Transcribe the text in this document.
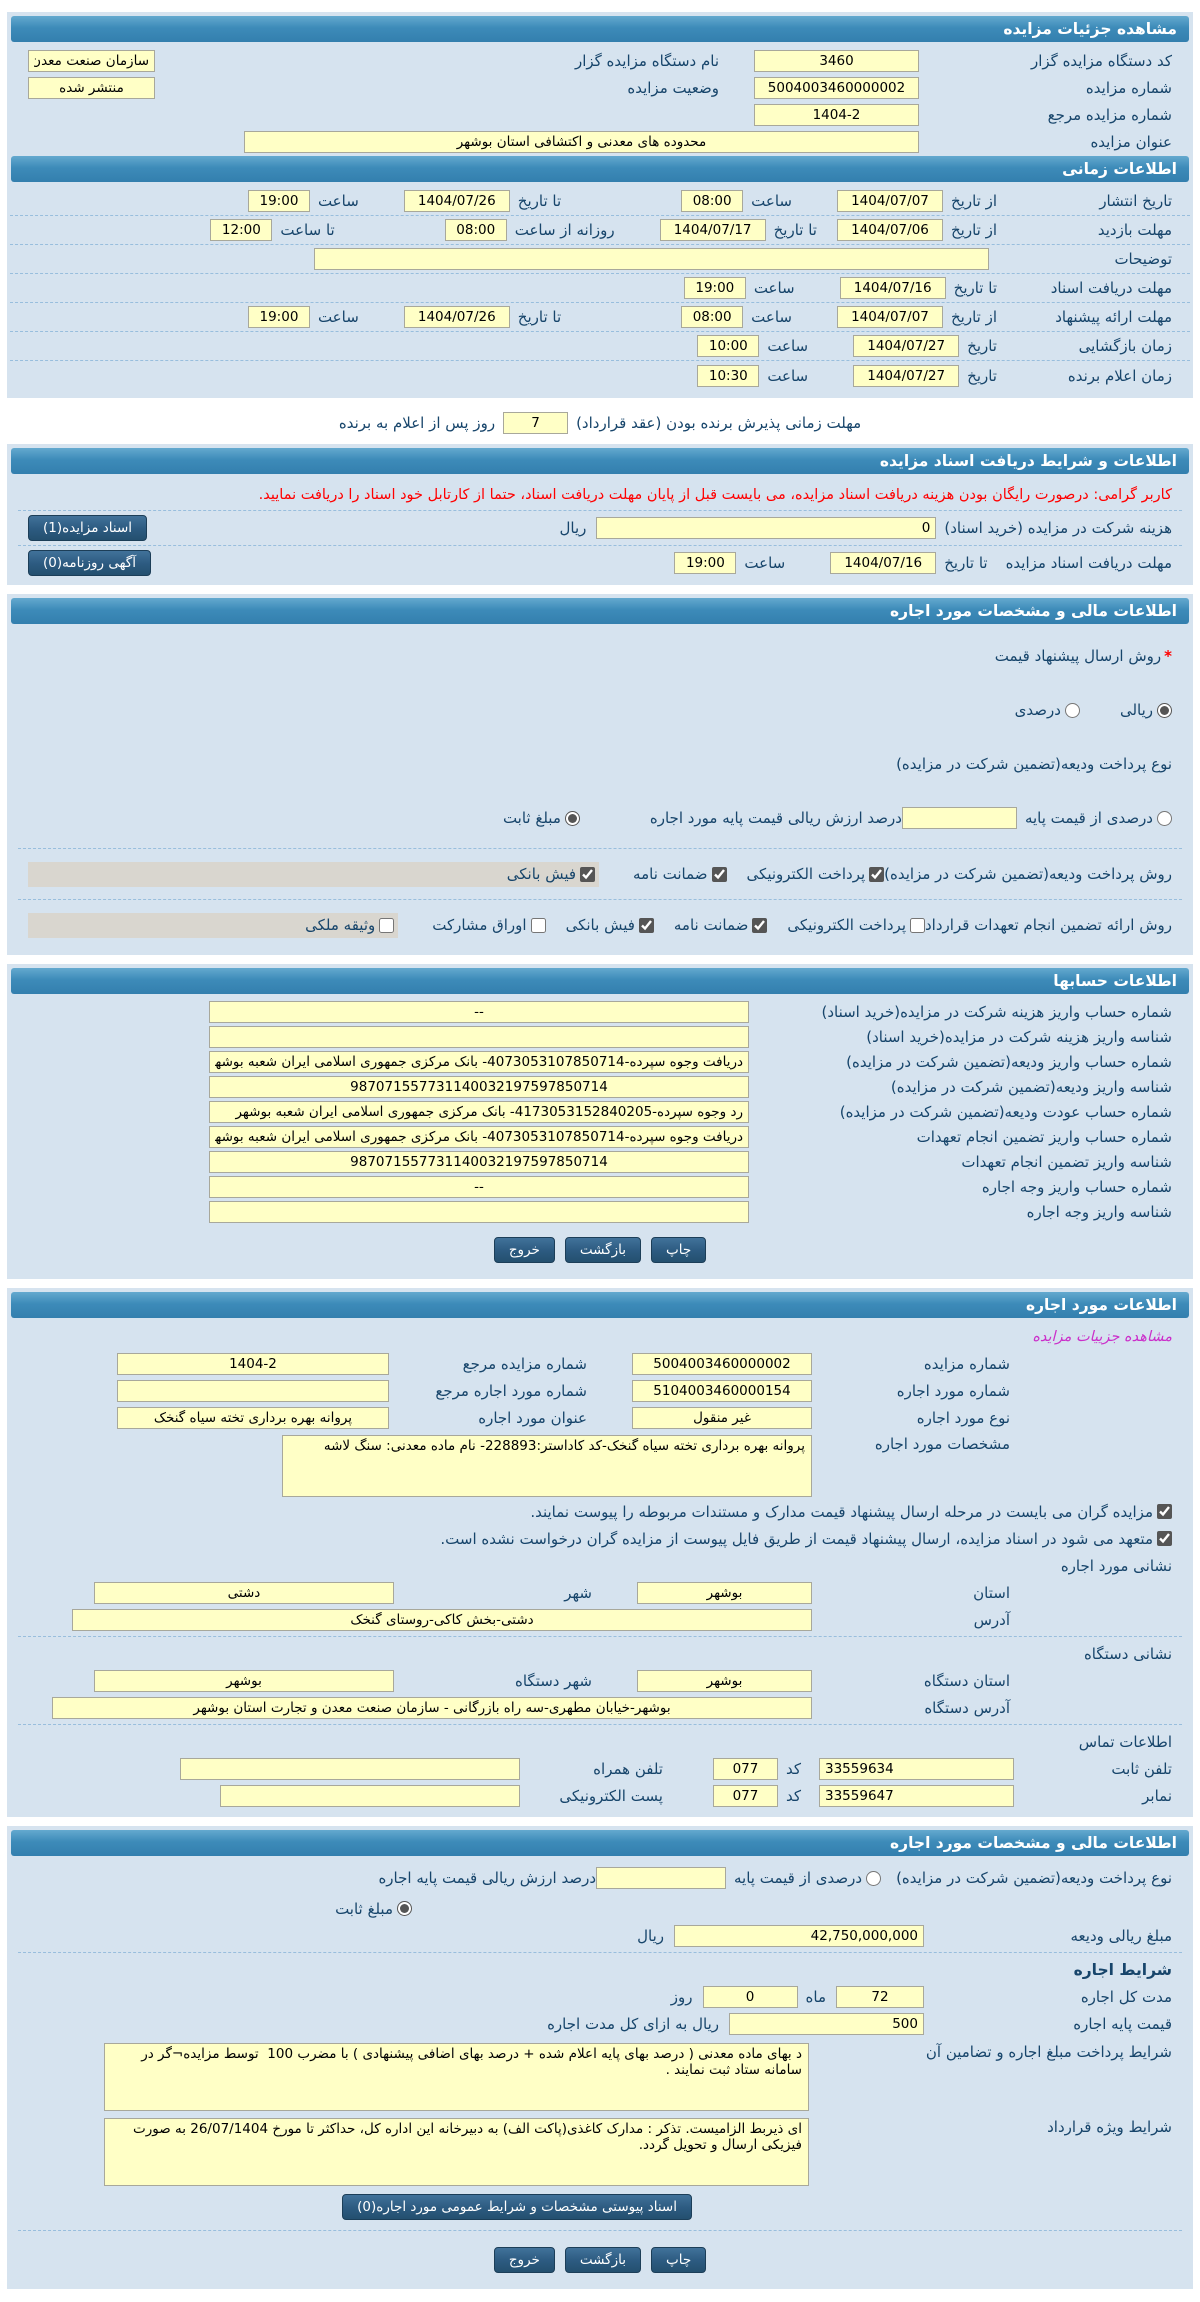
مشاهده جزئیات مزایده
کد دستگاه مزایده گزار
3460
نام دستگاه مزایده گزار
سازمان صنعت معدن و تجارت
شماره مزایده
5004003460000002
وضعیت مزایده
منتشر شده
شماره مزایده مرجع
1404-2
عنوان مزایده
محدوده های معدنی و اکتشافی استان بوشهر
اطلاعات زمانی
تاریخ انتشار
از تاریخ
1404/07/07
ساعت
08:00
تا تاریخ
1404/07/26
ساعت
19:00
مهلت بازدید
از تاریخ
1404/07/06
تا تاریخ
1404/07/17
روزانه از ساعت
08:00
تا ساعت
12:00
توضیحات
مهلت دریافت اسناد
تا تاریخ
1404/07/16
ساعت
19:00
مهلت ارائه پیشنهاد
از تاریخ
1404/07/07
ساعت
08:00
تا تاریخ
1404/07/26
ساعت
19:00
زمان بازگشایی
تاریخ
1404/07/27
ساعت
10:00
زمان اعلام برنده
تاریخ
1404/07/27
ساعت
10:30
مهلت زمانی پذیرش برنده بودن (عقد قرارداد)
7
روز پس از اعلام به برنده
اطلاعات و شرایط دریافت اسناد مزایده
کاربر گرامی: درصورت رایگان بودن هزینه دریافت اسناد مزایده، می بایست قبل از پایان مهلت دریافت اسناد، حتما از کارتابل خود اسناد را دریافت نمایید.
هزینه شرکت در مزایده (خرید اسناد)
0
ریال
اسناد مزایده(1)
مهلت دریافت اسناد مزایده
تا تاریخ
1404/07/16
ساعت
19:00
آگهی روزنامه(0)
اطلاعات مالی و مشخصات مورد اجاره
*
روش ارسال پیشنهاد قیمت
ریالی
درصدی
نوع پرداخت ودیعه(تضمین شرکت در مزایده)
درصدی از قیمت پایه
درصد ارزش ریالی قیمت پایه مورد اجاره
مبلغ ثابت
روش پرداخت ودیعه(تضمین شرکت در مزایده)
پرداخت الکترونیکی
ضمانت نامه
فیش بانکی
روش ارائه تضمین انجام تعهدات قرارداد
پرداخت الکترونیکی
ضمانت نامه
فیش بانکی
اوراق مشارکت
وثیقه ملکی
اطلاعات حسابها
شماره حساب واریز هزینه شرکت در مزایده(خرید اسناد)
--
شناسه واریز هزینه شرکت در مزایده(خرید اسناد)
شماره حساب واریز ودیعه(تضمین شرکت در مزایده)
دریافت وجوه سپرده-4073053107850714- بانک مرکزی جمهوری اسلامی ایران شعبه بوشهر
شناسه واریز ودیعه(تضمین شرکت در مزایده)
987071557731140032197597850714
شماره حساب عودت ودیعه(تضمین شرکت در مزایده)
رد وجوه سپرده-4173053152840205- بانک مرکزی جمهوری اسلامی ایران شعبه بوشهر
شماره حساب واریز تضمین انجام تعهدات
دریافت وجوه سپرده-4073053107850714- بانک مرکزی جمهوری اسلامی ایران شعبه بوشهر
شناسه واریز تضمین انجام تعهدات
987071557731140032197597850714
شماره حساب واریز وجه اجاره
--
شناسه واریز وجه اجاره
چاپ
بازگشت
خروج
اطلاعات مورد اجاره
مشاهده جزییات مزایده
شماره مزایده
5004003460000002
شماره مزایده مرجع
1404-2
شماره مورد اجاره
5104003460000154
شماره مورد اجاره مرجع
نوع مورد اجاره
غیر منقول
عنوان مورد اجاره
پروانه بهره برداری تخته سیاه گنخک
مشخصات مورد اجاره
پروانه بهره برداری تخته سیاه گنخک-کد کاداستر:228893- نام ماده معدنی: سنگ لاشه
مزایده گران می بایست در مرحله ارسال پیشنهاد قیمت مدارک و مستندات مربوطه را پیوست نمایند.
متعهد می شود در اسناد مزایده، ارسال پیشنهاد قیمت از طریق فایل پیوست از مزایده گران درخواست نشده است.
نشانی مورد اجاره
استان
بوشهر
شهر
دشتی
آدرس
دشتی-بخش کاکی-روستای گنخک
نشانی دستگاه
استان دستگاه
بوشهر
شهر دستگاه
بوشهر
آدرس دستگاه
بوشهر-خیابان مطهری-سه راه بازرگانی - سازمان صنعت معدن و تجارت استان بوشهر
اطلاعات تماس
تلفن ثابت
33559634
کد
077
تلفن همراه
نمابر
33559647
کد
077
پست الکترونیکی
اطلاعات مالی و مشخصات مورد اجاره
نوع پرداخت ودیعه(تضمین شرکت در مزایده)
درصدی از قیمت پایه
درصد ارزش ریالی قیمت پایه اجاره
مبلغ ثابت
مبلغ ریالی ودیعه
42,750,000,000
ریال
شرایط اجاره
مدت کل اجاره
72
ماه
0
روز
قیمت پایه اجاره
500
ریال به ازای کل مدت اجاره
شرایط پرداخت مبلغ اجاره و تضامین آن
د بهای ماده معدنی ( درصد بهای پایه اعلام شده + درصد بهای اضافی پیشنهادی ) با مضرب 100 توسط مزایده¬گر در سامانه ستاد ثبت نمایند .
شرایط ویژه قرارداد
ای ذیربط الزامیست. تذکر : مدارک کاغذی(پاکت الف) به دبیرخانه این اداره کل، حداکثر تا مورخ 26/07/1404 به صورت فیزیکی ارسال و تحویل گردد.
اسناد پیوستی مشخصات و شرایط عمومی مورد اجاره(0)
چاپ
بازگشت
خروج
